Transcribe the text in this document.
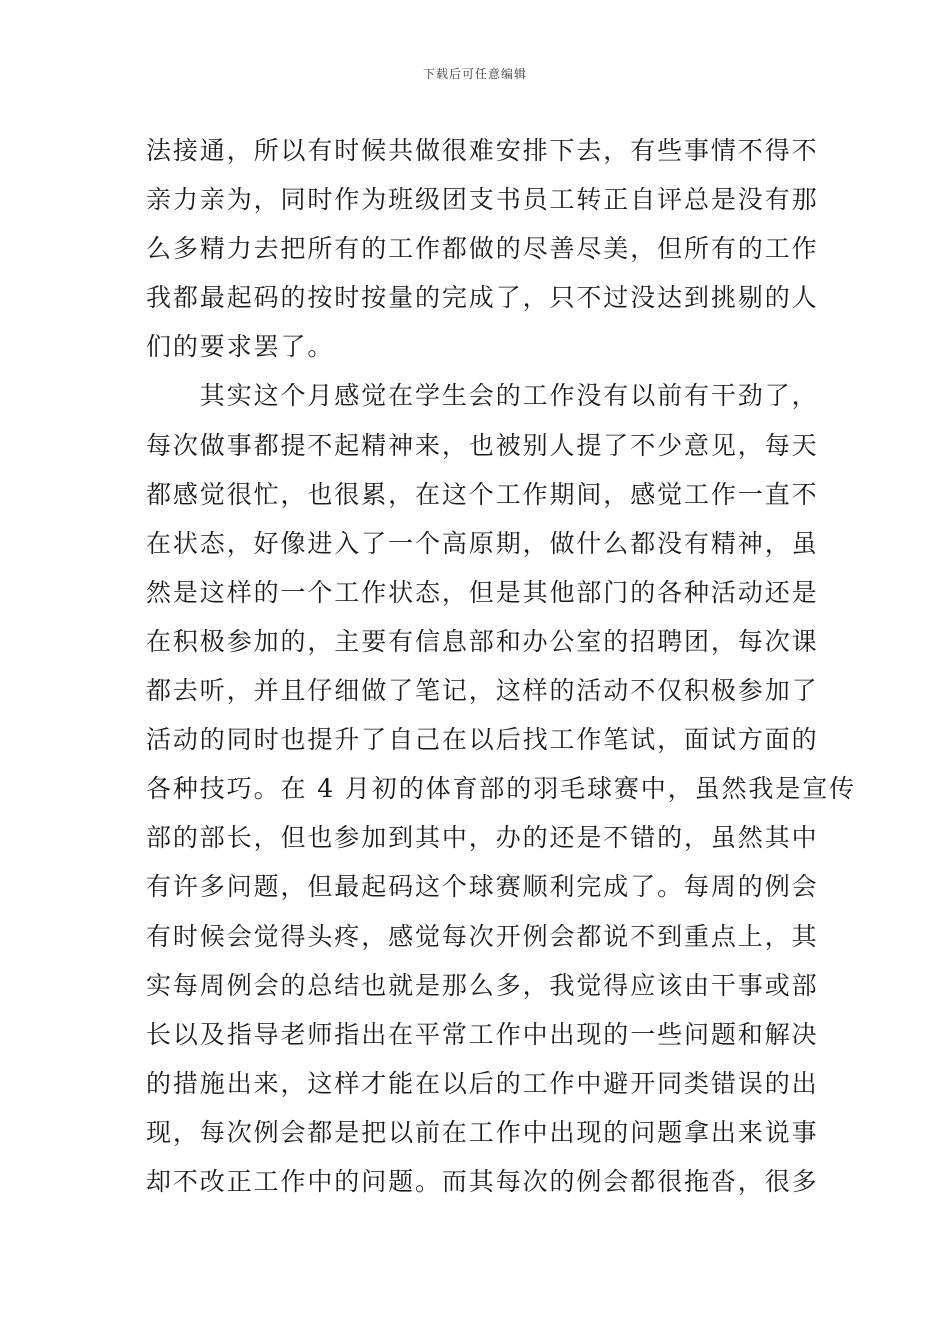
下载后可任意编辑
法接通，所以有时候共做很难安排下去，有些事情不得不
亲力亲为，同时作为班级团支书员工转正自评总是没有那
么多精力去把所有的工作都做的尽善尽美，但所有的工作
我都最起码的按时按量的完成了，只不过没达到挑剔的人
们的要求罢了。
　　其实这个月感觉在学生会的工作没有以前有干劲了，
每次做事都提不起精神来，也被别人提了不少意见，每天
都感觉很忙，也很累，在这个工作期间，感觉工作一直不
在状态，好像进入了一个高原期，做什么都没有精神，虽
然是这样的一个工作状态，但是其他部门的各种活动还是
在积极参加的，主要有信息部和办公室的招聘团，每次课
都去听，并且仔细做了笔记，这样的活动不仅积极参加了
活动的同时也提升了自己在以后找工作笔试，面试方面的
各种技巧。在 4 月初的体育部的羽毛球赛中，虽然我是宣传
部的部长，但也参加到其中，办的还是不错的，虽然其中
有许多问题，但最起码这个球赛顺利完成了。每周的例会
有时候会觉得头疼，感觉每次开例会都说不到重点上，其
实每周例会的总结也就是那么多，我觉得应该由干事或部
长以及指导老师指出在平常工作中出现的一些问题和解决
的措施出来，这样才能在以后的工作中避开同类错误的出
现，每次例会都是把以前在工作中出现的问题拿出来说事
却不改正工作中的问题。而其每次的例会都很拖沓，很多
